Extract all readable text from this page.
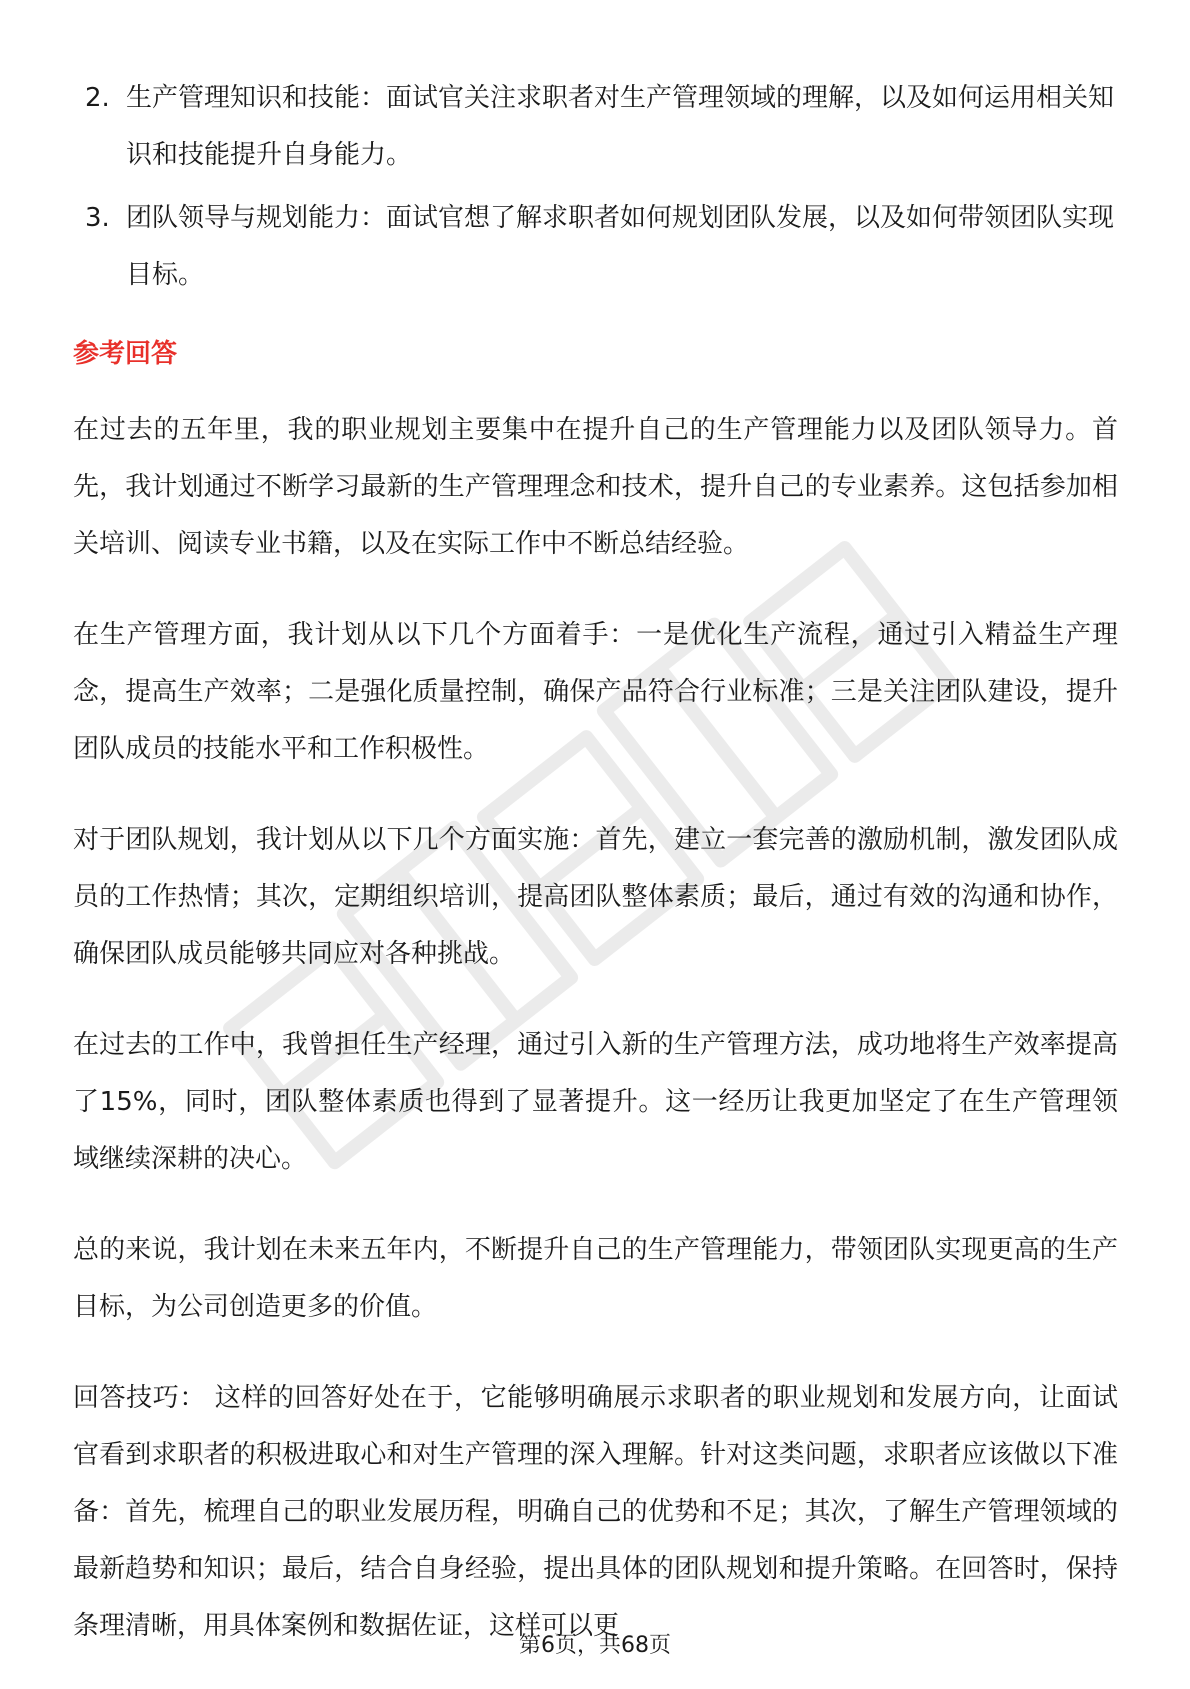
2. 生产管理知识和技能：面试官关注求职者对生产管理领域的理解，以及如何运用相关知识和技能提升自身能力。
3. 团队领导与规划能力：面试官想了解求职者如何规划团队发展，以及如何带领团队实现目标。
参考回答

在过去的五年里，我的职业规划主要集中在提升自己的生产管理能力以及团队领导力。首先，我计划通过不断学习最新的生产管理理念和技术，提升自己的专业素养。这包括参加相关培训、阅读专业书籍，以及在实际工作中不断总结经验。

在生产管理方面，我计划从以下几个方面着手：一是优化生产流程，通过引入精益生产理念，提高生产效率；二是强化质量控制，确保产品符合行业标准；三是关注团队建设，提升团队成员的技能水平和工作积极性。

对于团队规划，我计划从以下几个方面实施：首先，建立一套完善的激励机制，激发团队成员的工作热情；其次，定期组织培训，提高团队整体素质；最后，通过有效的沟通和协作，确保团队成员能够共同应对各种挑战。

在过去的工作中，我曾担任生产经理，通过引入新的生产管理方法，成功地将生产效率提高了15%，同时，团队整体素质也得到了显著提升。这一经历让我更加坚定了在生产管理领域继续深耕的决心。

总的来说，我计划在未来五年内，不断提升自己的生产管理能力，带领团队实现更高的生产目标，为公司创造更多的价值。

回答技巧： 这样的回答好处在于，它能够明确展示求职者的职业规划和发展方向，让面试官看到求职者的积极进取心和对生产管理的深入理解。针对这类问题，求职者应该做以下准备：首先，梳理自己的职业发展历程，明确自己的优势和不足；其次，了解生产管理领域的最新趋势和知识；最后，结合自身经验，提出具体的团队规划和提升策略。在回答时，保持条理清晰，用具体案例和数据佐证，这样可以更

第6页，共68页
